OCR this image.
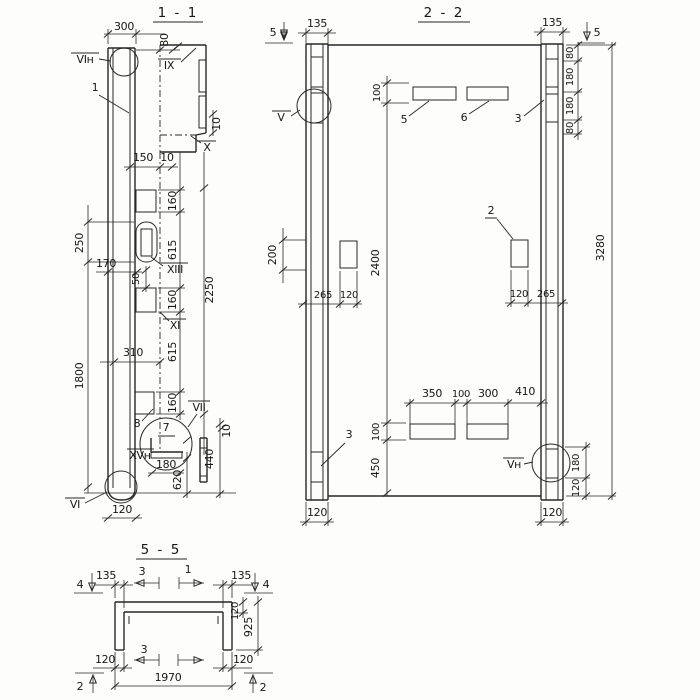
1 - 1
300
80
VIн
1
IX
10
X
150 10
160
615
160
615
160
2250
250
1800
170
50
XIII
XI
310
8 7
VII
XVн
180
620
440
10
VI	120
2 - 2
5	5
135	135
V	3
80
180
180
80
3280
5	6
100
2400
100
450
200
265 120
2
120 265
350 100 300 410
3
Vн	180
120
120	120
5 - 5
4	4
135	135
3	1
120
925
120
3
120
1970
2	2
